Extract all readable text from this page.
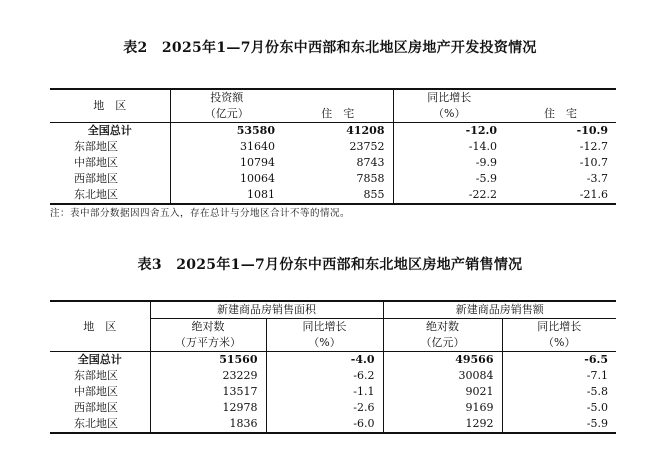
表2　2025年1—7月份东中西部和东北地区房地产开发投资情况
地　区	投资额		同比增长	
	（亿元）	住　宅	（%）	住　宅
全国总计	53580	41208	-12.0	-10.9
东部地区	31640	23752	-14.0	-12.7
中部地区	10794	8743	-9.9	-10.7
西部地区	10064	7858	-5.9	-3.7
东北地区	1081	855	-22.2	-21.6
注：表中部分数据因四舍五入，存在总计与分地区合计不等的情况。
表3　2025年1—7月份东中西部和东北地区房地产销售情况
地　区	新建商品房销售面积		新建商品房销售额	
	绝对数	同比增长	绝对数	同比增长
	（万平方米）	（%）	（亿元）	（%）
全国总计	51560	-4.0	49566	-6.5
东部地区	23229	-6.2	30084	-7.1
中部地区	13517	-1.1	9021	-5.8
西部地区	12978	-2.6	9169	-5.0
东北地区	1836	-6.0	1292	-5.9
